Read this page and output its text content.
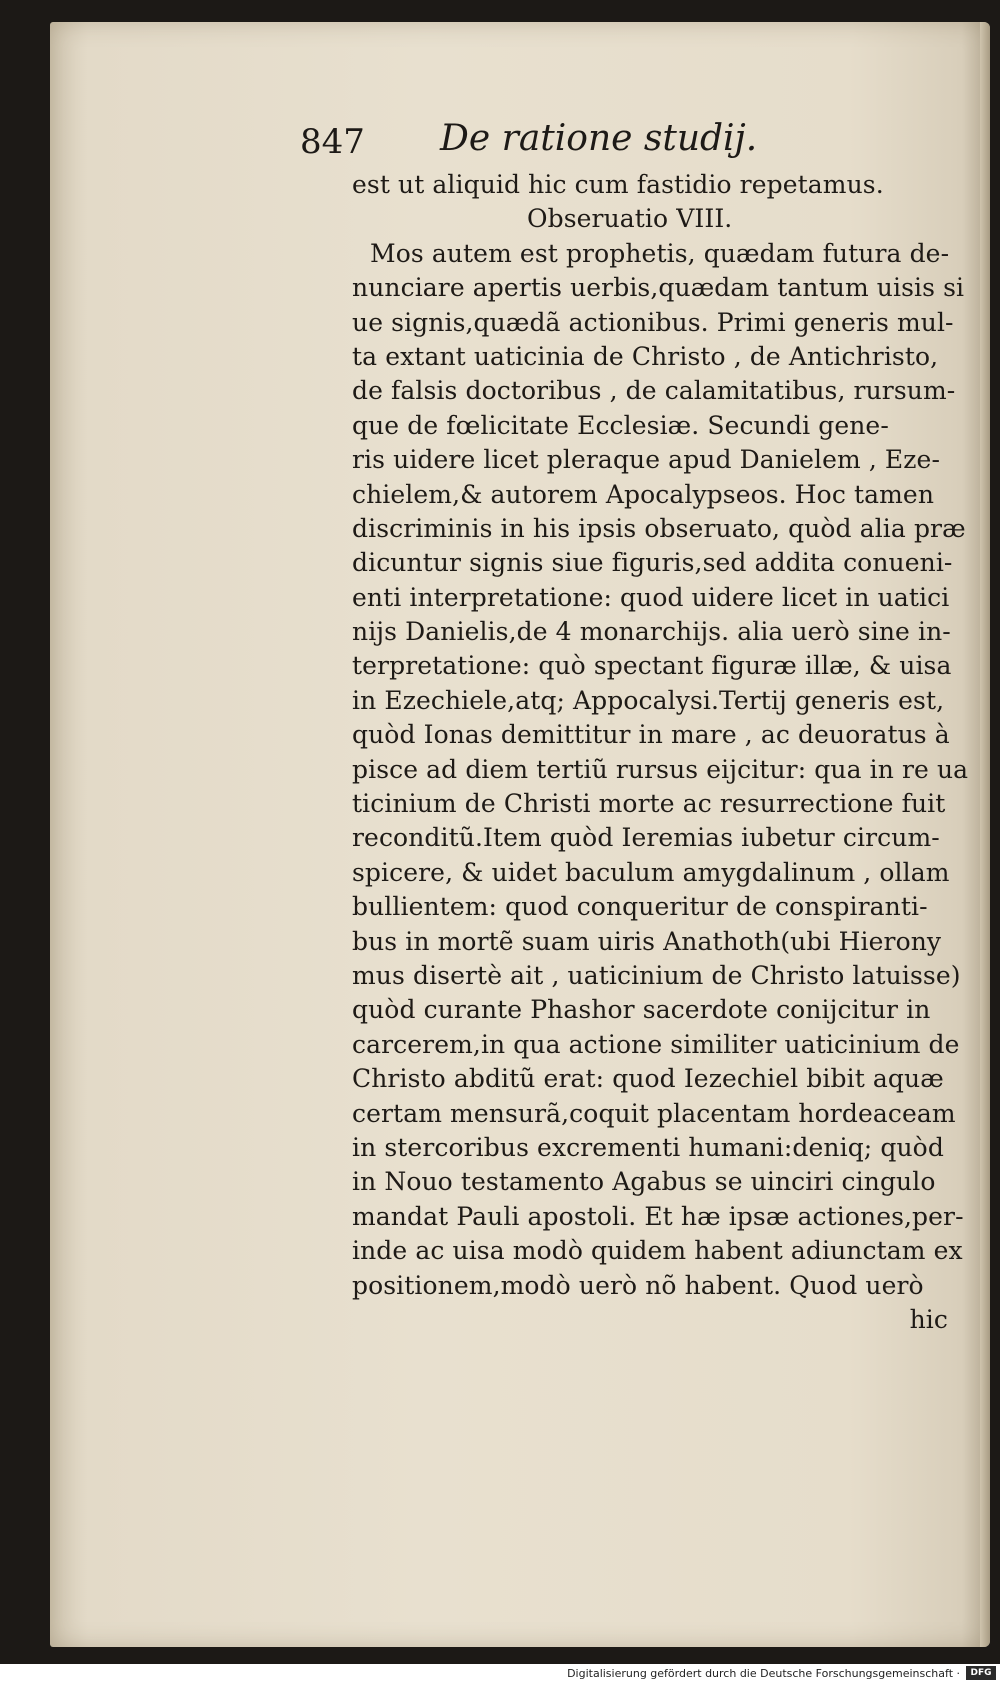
847 De ratione studij.
est ut aliquid hic cum fastidio repetamus.
Obseruatio VIII.
Mos autem est prophetis, quædam futura de-
nunciare apertis uerbis,quædam tantum uisis si
ue signis,quædã actionibus. Primi generis mul-
ta extant uaticinia de Christo , de Antichristo,
de falsis doctoribus , de calamitatibus, rursum-
que de fœlicitate Ecclesiæ. Secundi gene-
ris uidere licet pleraque apud Danielem , Eze-
chielem,& autorem Apocalypseos. Hoc tamen
discriminis in his ipsis obseruato, quòd alia præ
dicuntur signis siue figuris,sed addita conueni-
enti interpretatione: quod uidere licet in uatici
nijs Danielis,de 4 monarchijs. alia uerò sine in-
terpretatione: quò spectant figuræ illæ, & uisa
in Ezechiele,atq; Appocalysi.Tertij generis est,
quòd Ionas demittitur in mare , ac deuoratus à
pisce ad diem tertiũ rursus eijcitur: qua in re ua
ticinium de Christi morte ac resurrectione fuit
reconditũ.Item quòd Ieremias iubetur circum-
spicere, & uidet baculum amygdalinum , ollam
bullientem: quod conqueritur de conspiranti-
bus in mortẽ suam uiris Anathoth(ubi Hierony
mus disertè ait , uaticinium de Christo latuisse)
quòd curante Phashor sacerdote conijcitur in
carcerem,in qua actione similiter uaticinium de
Christo abditũ erat: quod Iezechiel bibit aquæ
certam mensurã,coquit placentam hordeaceam
in stercoribus excrementi humani:deniq; quòd
in Nouo testamento Agabus se uinciri cingulo
mandat Pauli apostoli. Et hæ ipsæ actiones,per-
inde ac uisa modò quidem habent adiunctam ex
positionem,modò uerò nõ habent. Quod uerò
hic
Digitalisierung gefördert durch die Deutsche Forschungsgemeinschaft ·	DFG
